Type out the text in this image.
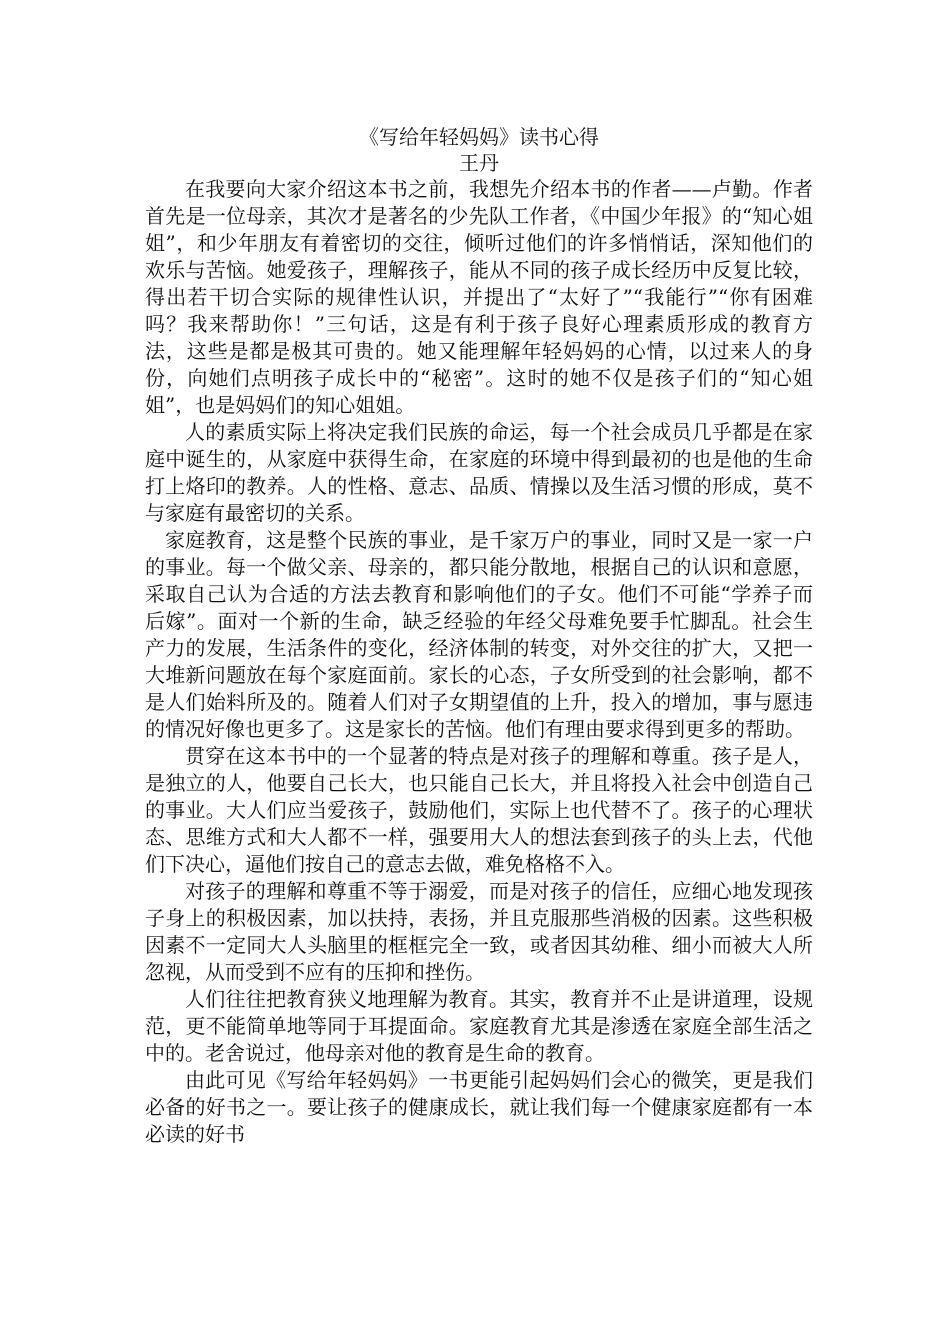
《写给年轻妈妈》读书心得

王丹

在我要向大家介绍这本书之前，我想先介绍本书的作者——卢勤。作者首先是一位母亲，其次才是著名的少先队工作者，《中国少年报》的“知心姐姐”，和少年朋友有着密切的交往，倾听过他们的许多悄悄话，深知他们的欢乐与苦恼。她爱孩子，理解孩子，能从不同的孩子成长经历中反复比较，得出若干切合实际的规律性认识，并提出了“太好了”“我能行”“你有困难吗？我来帮助你！”三句话，这是有利于孩子良好心理素质形成的教育方法，这些是都是极其可贵的。她又能理解年轻妈妈的心情，以过来人的身份，向她们点明孩子成长中的“秘密”。这时的她不仅是孩子们的“知心姐姐”，也是妈妈们的知心姐姐。

人的素质实际上将决定我们民族的命运，每一个社会成员几乎都是在家庭中诞生的，从家庭中获得生命，在家庭的环境中得到最初的也是他的生命打上烙印的教养。人的性格、意志、品质、情操以及生活习惯的形成，莫不与家庭有最密切的关系。

家庭教育，这是整个民族的事业，是千家万户的事业，同时又是一家一户的事业。每一个做父亲、母亲的，都只能分散地，根据自己的认识和意愿，采取自己认为合适的方法去教育和影响他们的子女。他们不可能“学养子而后嫁”。面对一个新的生命，缺乏经验的年经父母难免要手忙脚乱。社会生产力的发展，生活条件的变化，经济体制的转变，对外交往的扩大，又把一大堆新问题放在每个家庭面前。家长的心态，子女所受到的社会影响，都不是人们始料所及的。随着人们对子女期望值的上升，投入的增加，事与愿违的情况好像也更多了。这是家长的苦恼。他们有理由要求得到更多的帮助。

贯穿在这本书中的一个显著的特点是对孩子的理解和尊重。孩子是人，是独立的人，他要自己长大，也只能自己长大，并且将投入社会中创造自己的事业。大人们应当爱孩子，鼓励他们，实际上也代替不了。孩子的心理状态、思维方式和大人都不一样，强要用大人的想法套到孩子的头上去，代他们下决心，逼他们按自己的意志去做，难免格格不入。

对孩子的理解和尊重不等于溺爱，而是对孩子的信任，应细心地发现孩子身上的积极因素，加以扶持，表扬，并且克服那些消极的因素。这些积极因素不一定同大人头脑里的框框完全一致，或者因其幼稚、细小而被大人所忽视，从而受到不应有的压抑和挫伤。

人们往往把教育狭义地理解为教育。其实，教育并不止是讲道理，设规范，更不能简单地等同于耳提面命。家庭教育尤其是渗透在家庭全部生活之中的。老舍说过，他母亲对他的教育是生命的教育。

由此可见《写给年轻妈妈》一书更能引起妈妈们会心的微笑，更是我们必备的好书之一。要让孩子的健康成长，就让我们每一个健康家庭都有一本必读的好书
